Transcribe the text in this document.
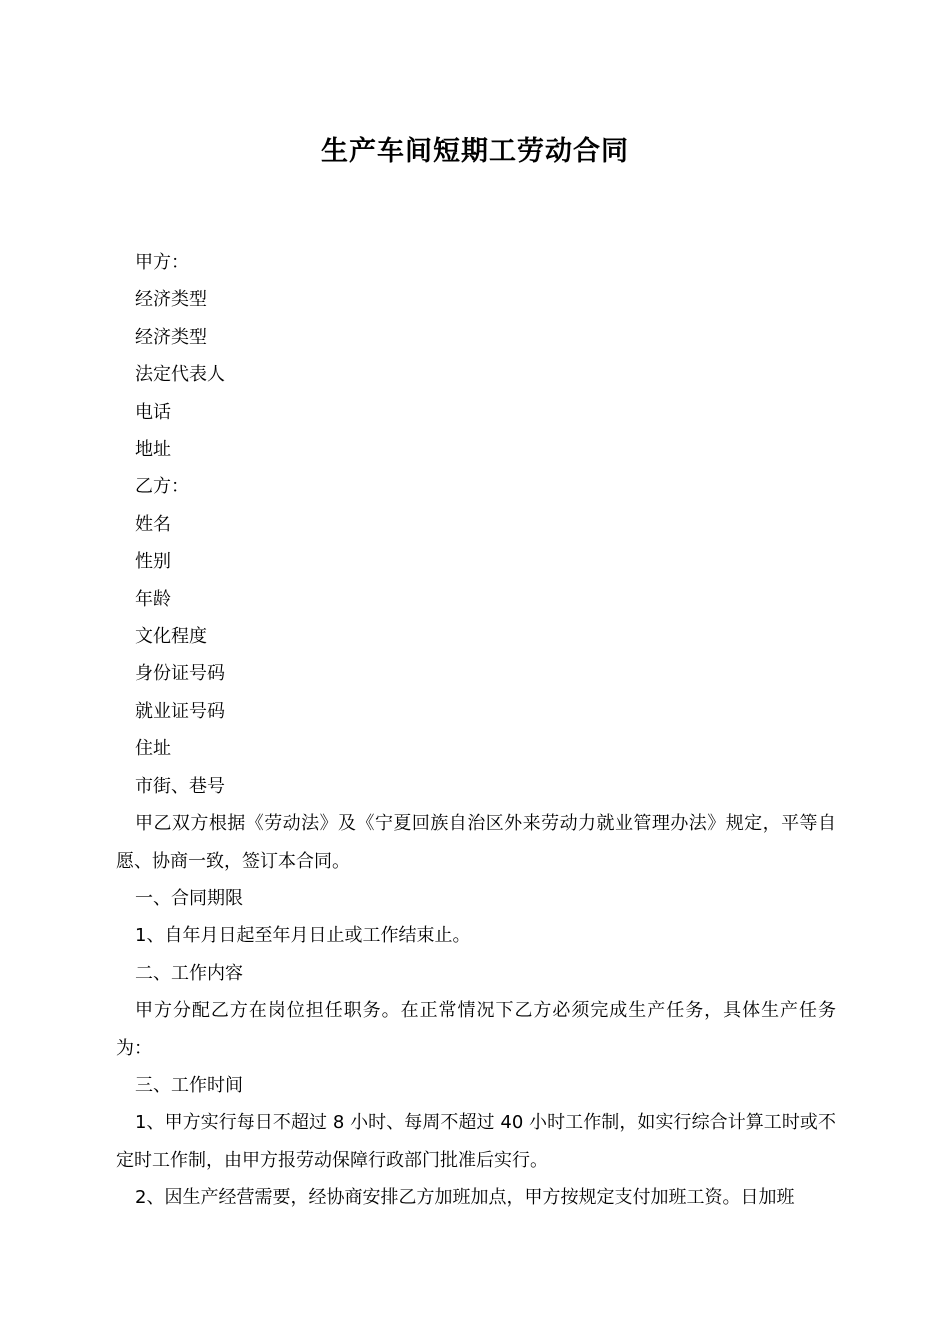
生产车间短期工劳动合同

甲方：

经济类型

经济类型

法定代表人

电话

地址

乙方：

姓名

性别

年龄

文化程度

身份证号码

就业证号码

住址

市街、巷号

甲乙双方根据《劳动法》及《宁夏回族自治区外来劳动力就业管理办法》规定，平等自愿、协商一致，签订本合同。

一、合同期限

1、自年月日起至年月日止或工作结束止。

二、工作内容

甲方分配乙方在岗位担任职务。在正常情况下乙方必须完成生产任务，具体生产任务为：

三、工作时间

1、甲方实行每日不超过 8 小时、每周不超过 40 小时工作制，如实行综合计算工时或不定时工作制，由甲方报劳动保障行政部门批准后实行。

2、因生产经营需要，经协商安排乙方加班加点，甲方按规定支付加班工资。日加班
